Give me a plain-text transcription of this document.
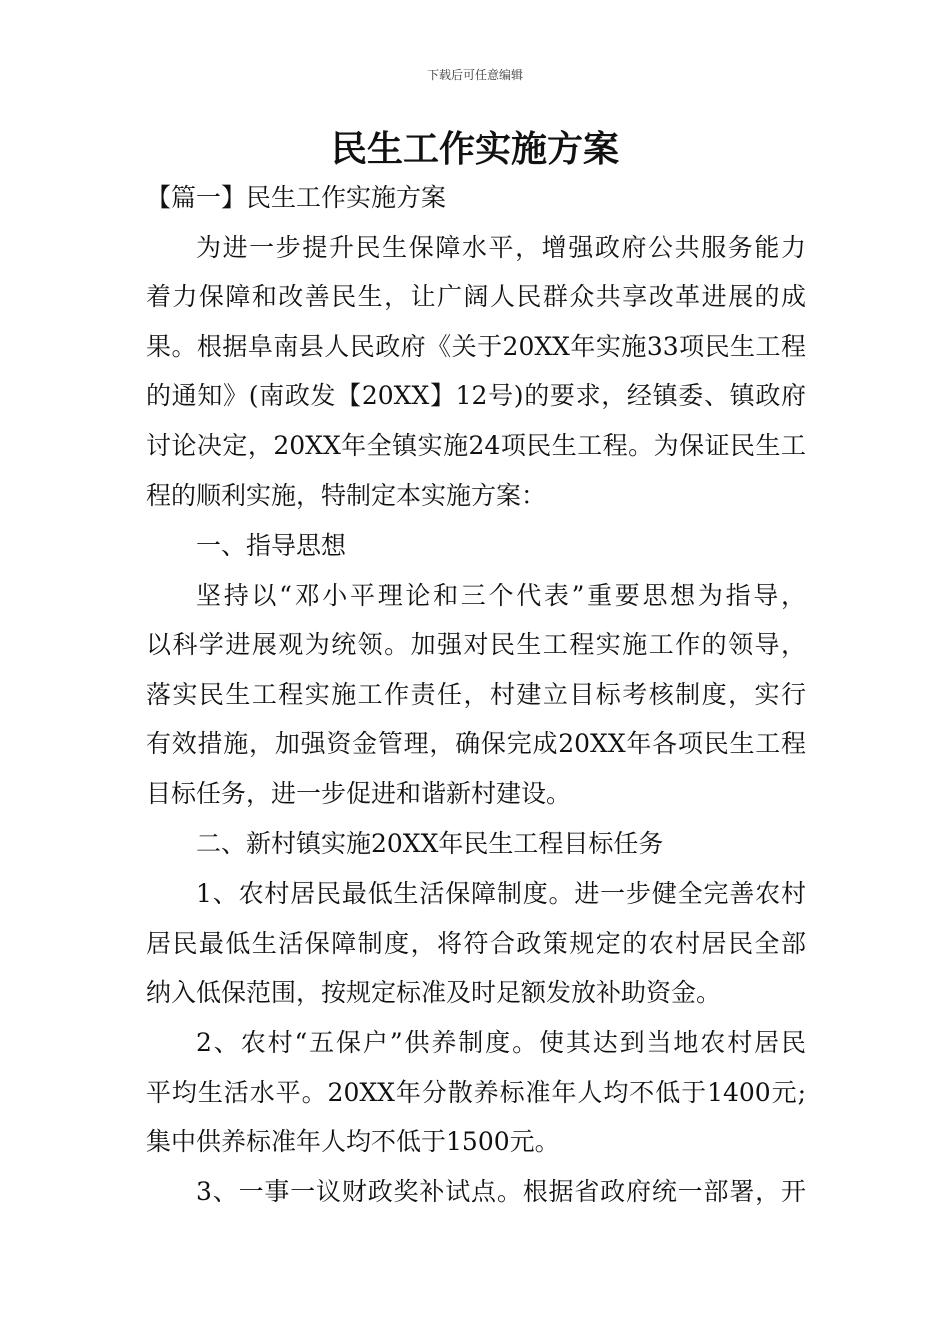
下载后可任意编辑
民生工作实施方案
【篇一】民生工作实施方案
为进一步提升民生保障水平，增强政府公共服务能力
着力保障和改善民生，让广阔人民群众共享改革进展的成
果。根据阜南县人民政府《关于20XX年实施33项民生工程
的通知》(南政发【20XX】12号)的要求，经镇委、镇政府
讨论决定，20XX年全镇实施24项民生工程。为保证民生工
程的顺利实施，特制定本实施方案：
一、指导思想
坚持以“邓小平理论和三个代表”重要思想为指导，
以科学进展观为统领。加强对民生工程实施工作的领导，
落实民生工程实施工作责任，村建立目标考核制度，实行
有效措施，加强资金管理，确保完成20XX年各项民生工程
目标任务，进一步促进和谐新村建设。
二、新村镇实施20XX年民生工程目标任务
1、农村居民最低生活保障制度。进一步健全完善农村
居民最低生活保障制度，将符合政策规定的农村居民全部
纳入低保范围，按规定标准及时足额发放补助资金。
2、农村“五保户”供养制度。使其达到当地农村居民
平均生活水平。20XX年分散养标准年人均不低于1400元;
集中供养标准年人均不低于1500元。
3、一事一议财政奖补试点。根据省政府统一部署，开
